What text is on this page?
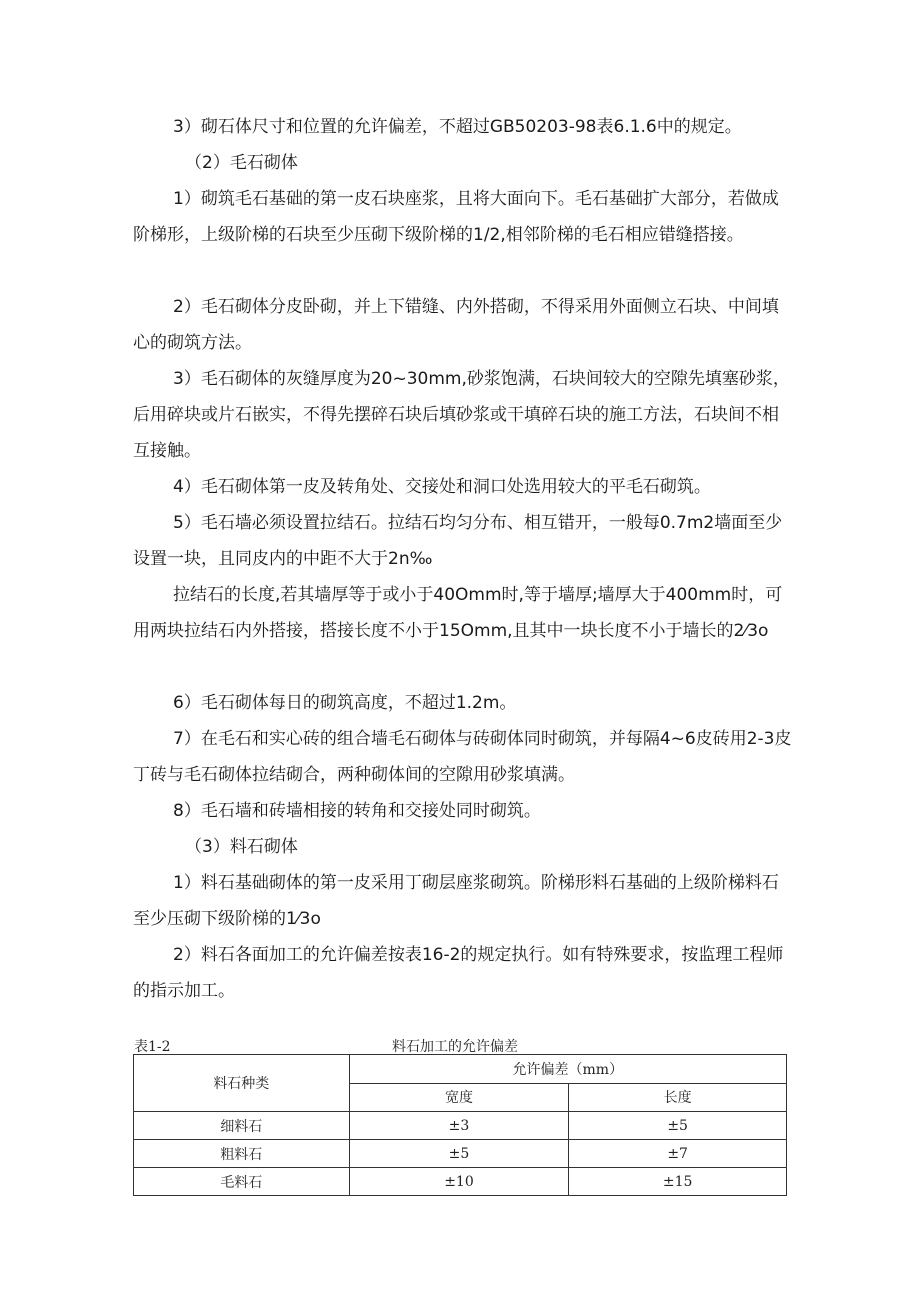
3）砌石体尺寸和位置的允许偏差，不超过GB50203-98表6.1.6中的规定。

（2）毛石砌体

1）砌筑毛石基础的第一皮石块座浆，且将大面向下。毛石基础扩大部分，若做成阶梯形，上级阶梯的石块至少压砌下级阶梯的1/2,相邻阶梯的毛石相应错缝搭接。

2）毛石砌体分皮卧砌，并上下错缝、内外搭砌，不得采用外面侧立石块、中间填心的砌筑方法。

3）毛石砌体的灰缝厚度为20~30mm,砂浆饱满，石块间较大的空隙先填塞砂浆，后用碎块或片石嵌实，不得先摆碎石块后填砂浆或干填碎石块的施工方法，石块间不相互接触。

4）毛石砌体第一皮及转角处、交接处和洞口处选用较大的平毛石砌筑。

5）毛石墙必须设置拉结石。拉结石均匀分布、相互错开，一般每0.7m2墙面至少设置一块，且同皮内的中距不大于2n‰

拉结石的长度,若其墙厚等于或小于40Omm时,等于墙厚;墙厚大于400mm时，可用两块拉结石内外搭接，搭接长度不小于15Omm,且其中一块长度不小于墙长的2⁄3o

6）毛石砌体每日的砌筑高度，不超过1.2m。

7）在毛石和实心砖的组合墙毛石砌体与砖砌体同时砌筑，并每隔4~6皮砖用2-3皮丁砖与毛石砌体拉结砌合，两种砌体间的空隙用砂浆填满。

8）毛石墙和砖墙相接的转角和交接处同时砌筑。

（3）料石砌体

1）料石基础砌体的第一皮采用丁砌层座浆砌筑。阶梯形料石基础的上级阶梯料石至少压砌下级阶梯的1⁄3o

2）料石各面加工的允许偏差按表16-2的规定执行。如有特殊要求，按监理工程师的指示加工。

表1-2	料石加工的允许偏差
料石种类	允许偏差（mm）	
	宽度	长度
细料石	±3	±5
粗料石	±5	±7
毛料石	±10	±15
